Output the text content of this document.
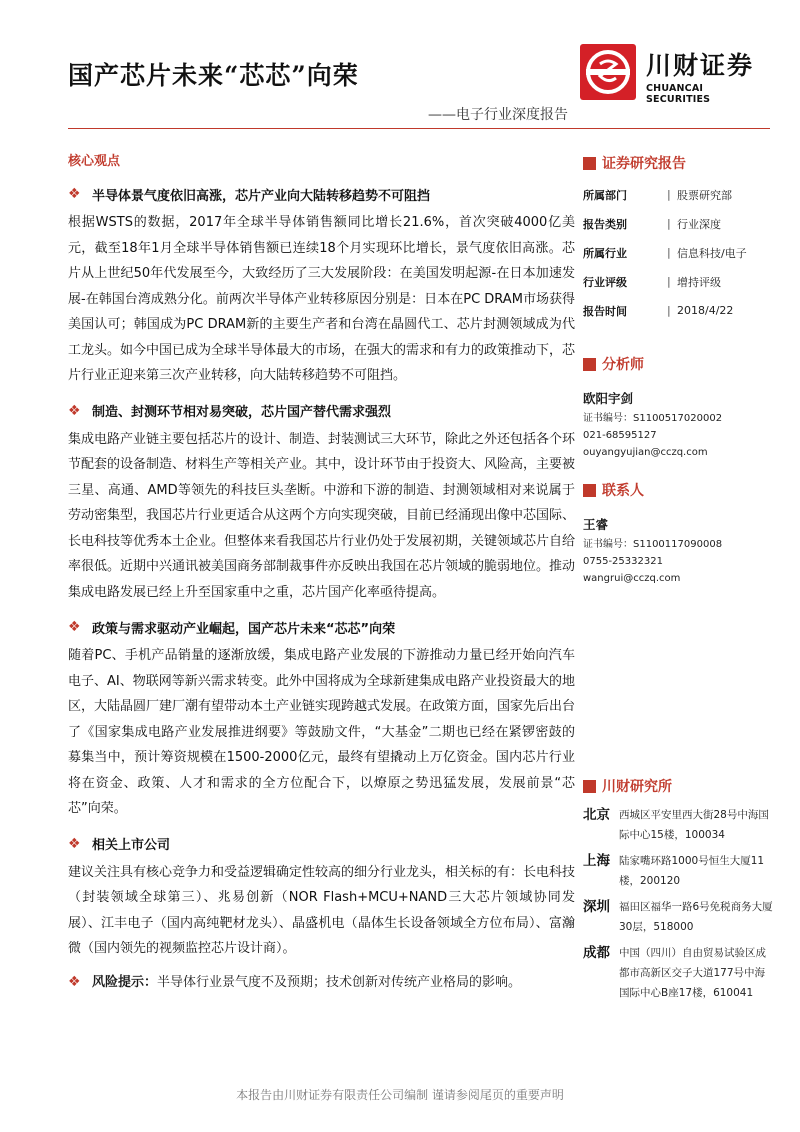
国产芯片未来“芯芯”向荣
——电子行业深度报告
川财证券
CHUANCAI SECURITIES
核心观点
❖ 半导体景气度依旧高涨，芯片产业向大陆转移趋势不可阻挡
根据WSTS的数据，2017年全球半导体销售额同比增长21.6%，首次突破4000亿美元，截至18年1月全球半导体销售额已连续18个月实现环比增长，景气度依旧高涨。芯片从上世纪50年代发展至今，大致经历了三大发展阶段：在美国发明起源-在日本加速发展-在韩国台湾成熟分化。前两次半导体产业转移原因分别是：日本在PC DRAM市场获得美国认可；韩国成为PC DRAM新的主要生产者和台湾在晶圆代工、芯片封测领域成为代工龙头。如今中国已成为全球半导体最大的市场，在强大的需求和有力的政策推动下，芯片行业正迎来第三次产业转移，向大陆转移趋势不可阻挡。
❖ 制造、封测环节相对易突破，芯片国产替代需求强烈
集成电路产业链主要包括芯片的设计、制造、封装测试三大环节，除此之外还包括各个环节配套的设备制造、材料生产等相关产业。其中，设计环节由于投资大、风险高，主要被三星、高通、AMD等领先的科技巨头垄断。中游和下游的制造、封测领域相对来说属于劳动密集型，我国芯片行业更适合从这两个方向实现突破，目前已经涌现出像中芯国际、长电科技等优秀本土企业。但整体来看我国芯片行业仍处于发展初期，关键领域芯片自给率很低。近期中兴通讯被美国商务部制裁事件亦反映出我国在芯片领域的脆弱地位。推动集成电路发展已经上升至国家重中之重，芯片国产化率亟待提高。
❖ 政策与需求驱动产业崛起，国产芯片未来“芯芯”向荣
随着PC、手机产品销量的逐渐放缓，集成电路产业发展的下游推动力量已经开始向汽车电子、AI、物联网等新兴需求转变。此外中国将成为全球新建集成电路产业投资最大的地区，大陆晶圆厂建厂潮有望带动本土产业链实现跨越式发展。在政策方面，国家先后出台了《国家集成电路产业发展推进纲要》等鼓励文件，“大基金”二期也已经在紧锣密鼓的募集当中，预计筹资规模在1500-2000亿元，最终有望撬动上万亿资金。国内芯片行业将在资金、政策、人才和需求的全方位配合下，以燎原之势迅猛发展，发展前景“芯芯”向荣。
❖ 相关上市公司
建议关注具有核心竞争力和受益逻辑确定性较高的细分行业龙头，相关标的有：长电科技（封装领域全球第三）、兆易创新（NOR Flash+MCU+NAND三大芯片领域协同发展）、江丰电子（国内高纯靶材龙头）、晶盛机电（晶体生长设备领域全方位布局）、富瀚微（国内领先的视频监控芯片设计商）。
❖ 风险提示：半导体行业景气度不及预期；技术创新对传统产业格局的影响。
证券研究报告
所属部门	| 股票研究部
报告类别	| 行业深度
所属行业	| 信息科技/电子
行业评级	| 增持评级
报告时间	| 2018/4/22
分析师
欧阳宇剑
证书编号：S1100517020002
021-68595127
ouyangyujian@cczq.com
联系人
王睿
证书编号：S1100117090008
0755-25332321
wangrui@cczq.com
川财研究所
北京 西城区平安里西大街28号中海国际中心15楼，100034
上海 陆家嘴环路1000号恒生大厦11楼，200120
深圳 福田区福华一路6号免税商务大厦30层，518000
成都 中国（四川）自由贸易试验区成都市高新区交子大道177号中海国际中心B座17楼，610041
本报告由川财证券有限责任公司编制 谨请参阅尾页的重要声明
